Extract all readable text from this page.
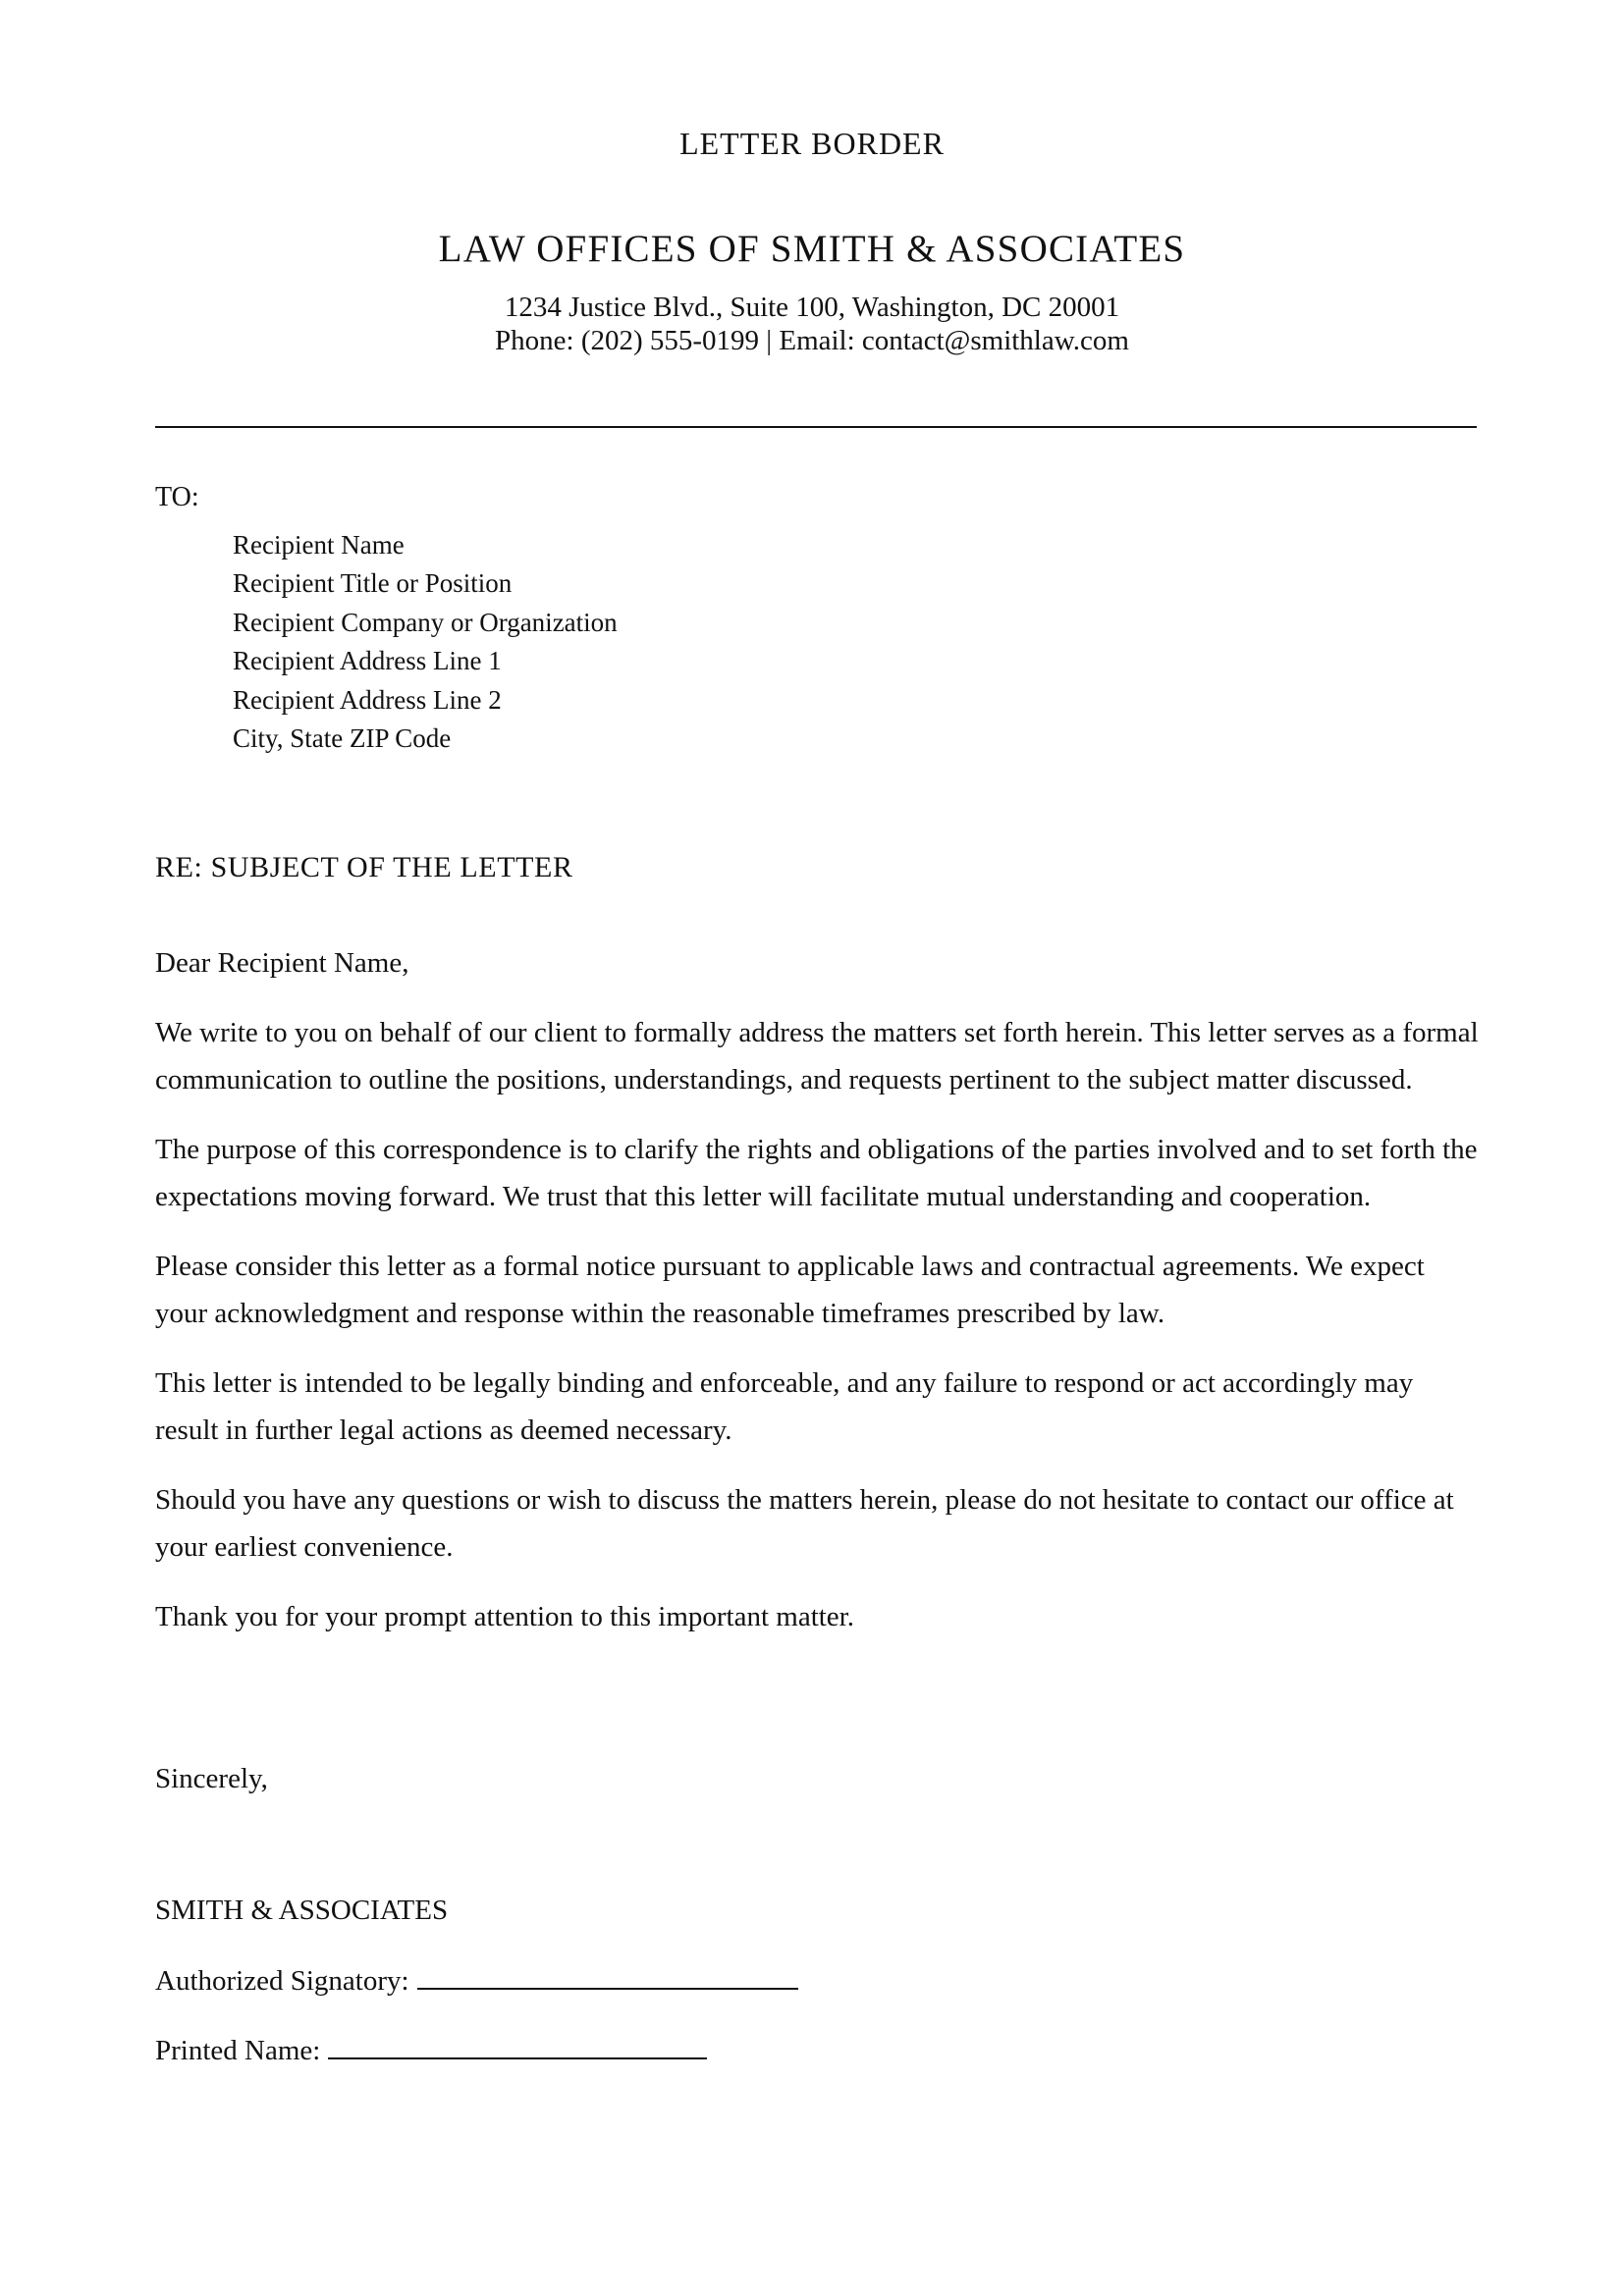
LETTER BORDER
LAW OFFICES OF SMITH & ASSOCIATES
1234 Justice Blvd., Suite 100, Washington, DC 20001
Phone: (202) 555-0199 | Email: contact@smithlaw.com
TO:
Recipient Name
Recipient Title or Position
Recipient Company or Organization
Recipient Address Line 1
Recipient Address Line 2
City, State ZIP Code
RE: SUBJECT OF THE LETTER
Dear Recipient Name,

We write to you on behalf of our client to formally address the matters set forth herein. This letter serves as a formal communication to outline the positions, understandings, and requests pertinent to the subject matter discussed.

The purpose of this correspondence is to clarify the rights and obligations of the parties involved and to set forth the expectations moving forward. We trust that this letter will facilitate mutual understanding and cooperation.

Please consider this letter as a formal notice pursuant to applicable laws and contractual agreements. We expect your acknowledgment and response within the reasonable timeframes prescribed by law.

This letter is intended to be legally binding and enforceable, and any failure to respond or act accordingly may result in further legal actions as deemed necessary.

Should you have any questions or wish to discuss the matters herein, please do not hesitate to contact our office at your earliest convenience.

Thank you for your prompt attention to this important matter.

Sincerely,
SMITH & ASSOCIATES
Authorized Signatory:
Printed Name:
